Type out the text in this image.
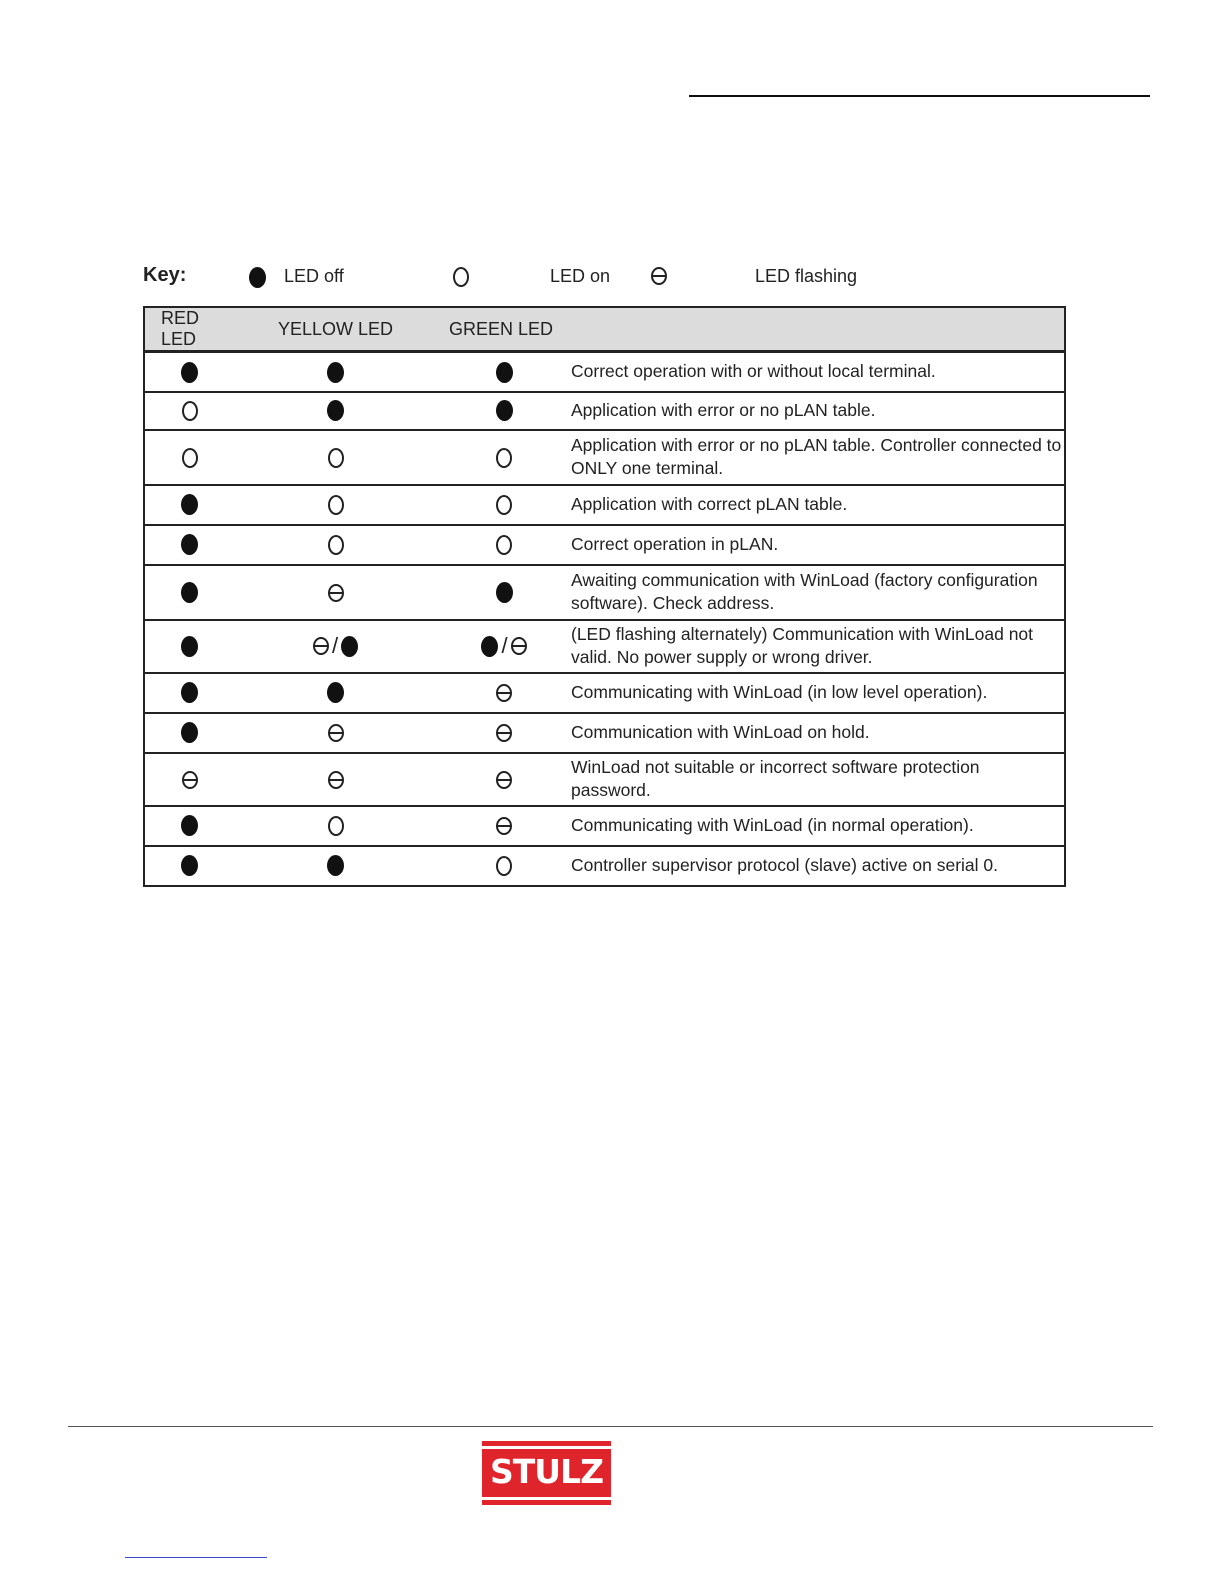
Key:	LED off	LED on	LED flashing
RED LED	YELLOW LED	GREEN LED	
			Correct operation with or without local terminal.
			Application with error or no pLAN table.
			Application with error or no pLAN table. Controller connected to ONLY one terminal.
			Application with correct pLAN table.
			Correct operation in pLAN.
			Awaiting communication with WinLoad (factory configuration software). Check address.
	/	/	(LED flashing alternately) Communication with WinLoad not valid. No power supply or wrong driver.
			Communicating with WinLoad (in low level operation).
			Communication with WinLoad on hold.
			WinLoad not suitable or incorrect software protection password.
			Communicating with WinLoad (in normal operation).
			Controller supervisor protocol (slave) active on serial 0.
STULZ
